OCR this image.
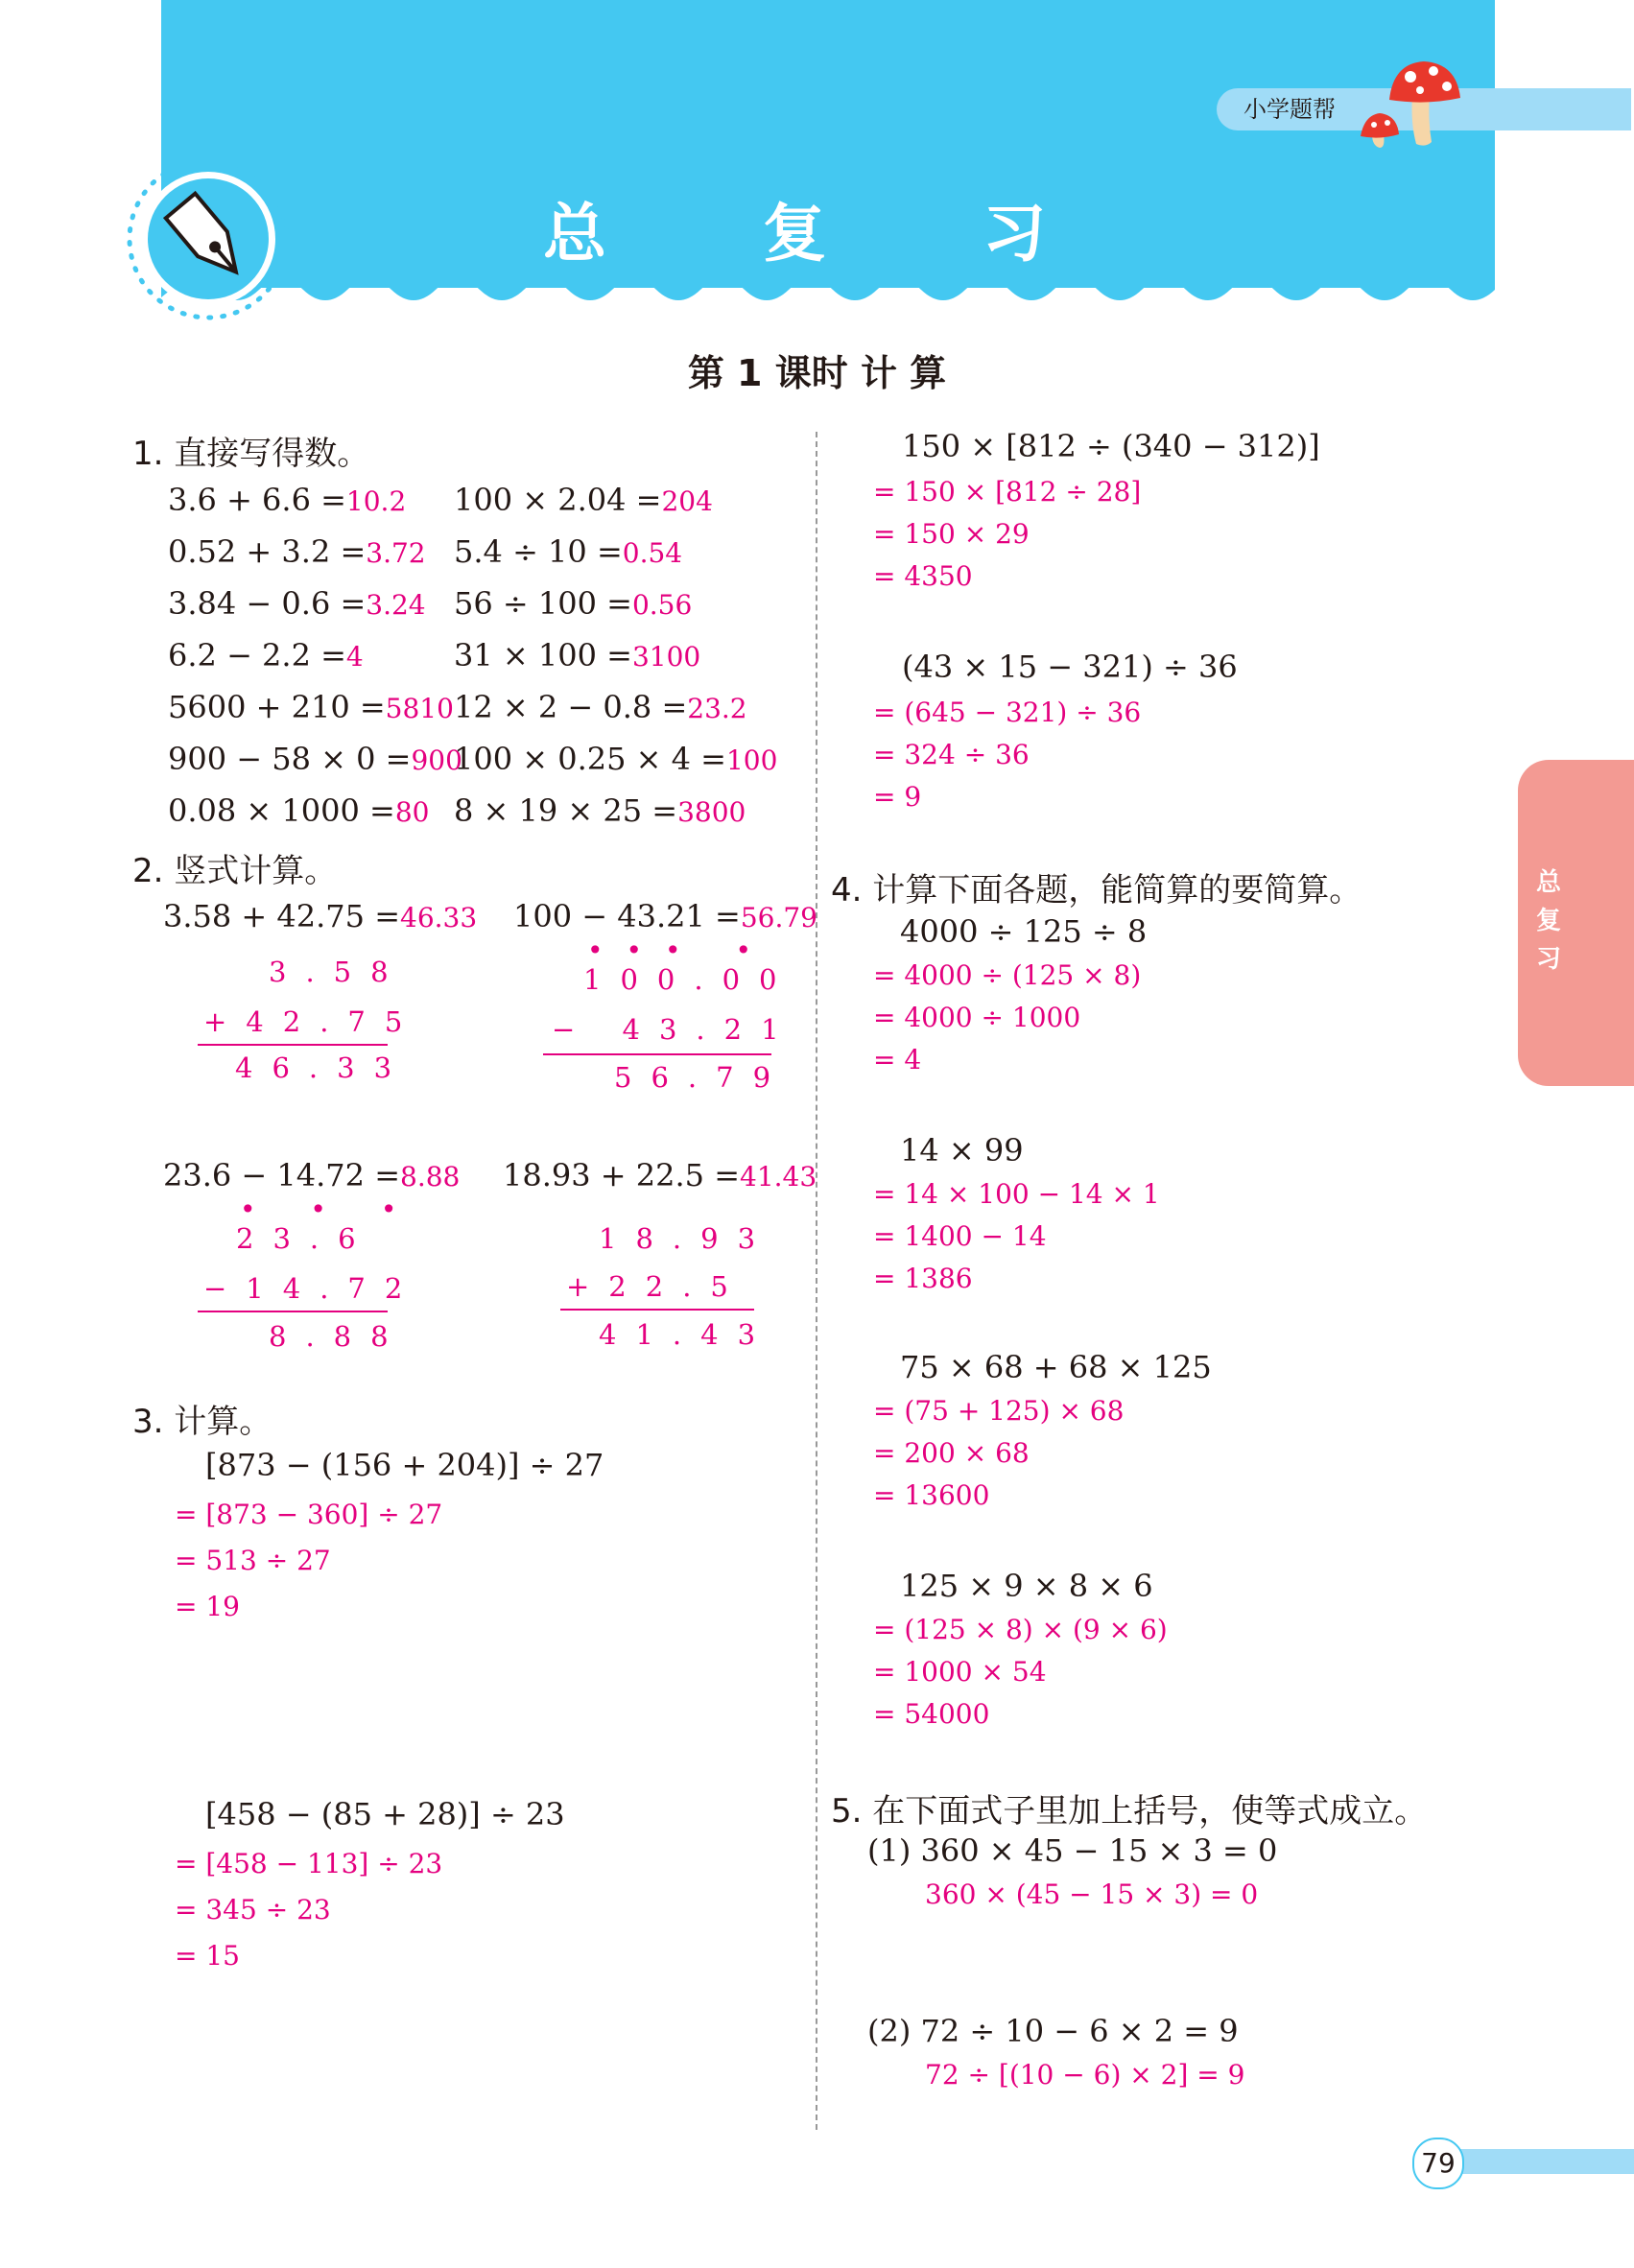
小学题帮
总 复 习
第 1 课时 计 算
总复习
1. 直接写得数。
3.6 + 6.6 =10.2 100 × 2.04 =204
0.52 + 3.2 =3.72 5.4 ÷ 10 =0.54
3.84 − 0.6 =3.24 56 ÷ 100 =0.56
6.2 − 2.2 =4	31 × 100 =3100
5600 + 210 =5810 12 × 2 − 0.8 =23.2
900 − 58 × 0 =900
100 × 0.25 × 4 =100
0.08 × 1000 =80 8 × 19 × 25 =3800
2. 竖式计算。
3.58 + 42.75 =46.33
3.58
+42.75
46.33
100 − 43.21 =56.79
••• •
100.00
− 43.21
56.79
23.6 − 14.72 =8.88
• • •
23.6
−14.72
8.88
18.93 + 22.5 =41.43
18.93
+22.5
41.43
3. 计算。
[873 − (156 + 204)] ÷ 27
= [873 − 360] ÷ 27
= 513 ÷ 27
= 19
[458 − (85 + 28)] ÷ 23
= [458 − 113] ÷ 23
= 345 ÷ 23
= 15
150 × [812 ÷ (340 − 312)]
= 150 × [812 ÷ 28]
= 150 × 29
= 4350
(43 × 15 − 321) ÷ 36
= (645 − 321) ÷ 36
= 324 ÷ 36
= 9
4. 计算下面各题，能简算的要简算。
4000 ÷ 125 ÷ 8
= 4000 ÷ (125 × 8)
= 4000 ÷ 1000
= 4
14 × 99
= 14 × 100 − 14 × 1
= 1400 − 14
= 1386
75 × 68 + 68 × 125
= (75 + 125) × 68
= 200 × 68
= 13600
125 × 9 × 8 × 6
= (125 × 8) × (9 × 6)
= 1000 × 54
= 54000
5. 在下面式子里加上括号，使等式成立。
(1) 360 × 45 − 15 × 3 = 0
360 × (45 − 15 × 3) = 0
(2) 72 ÷ 10 − 6 × 2 = 9
72 ÷ [(10 − 6) × 2] = 9
79
